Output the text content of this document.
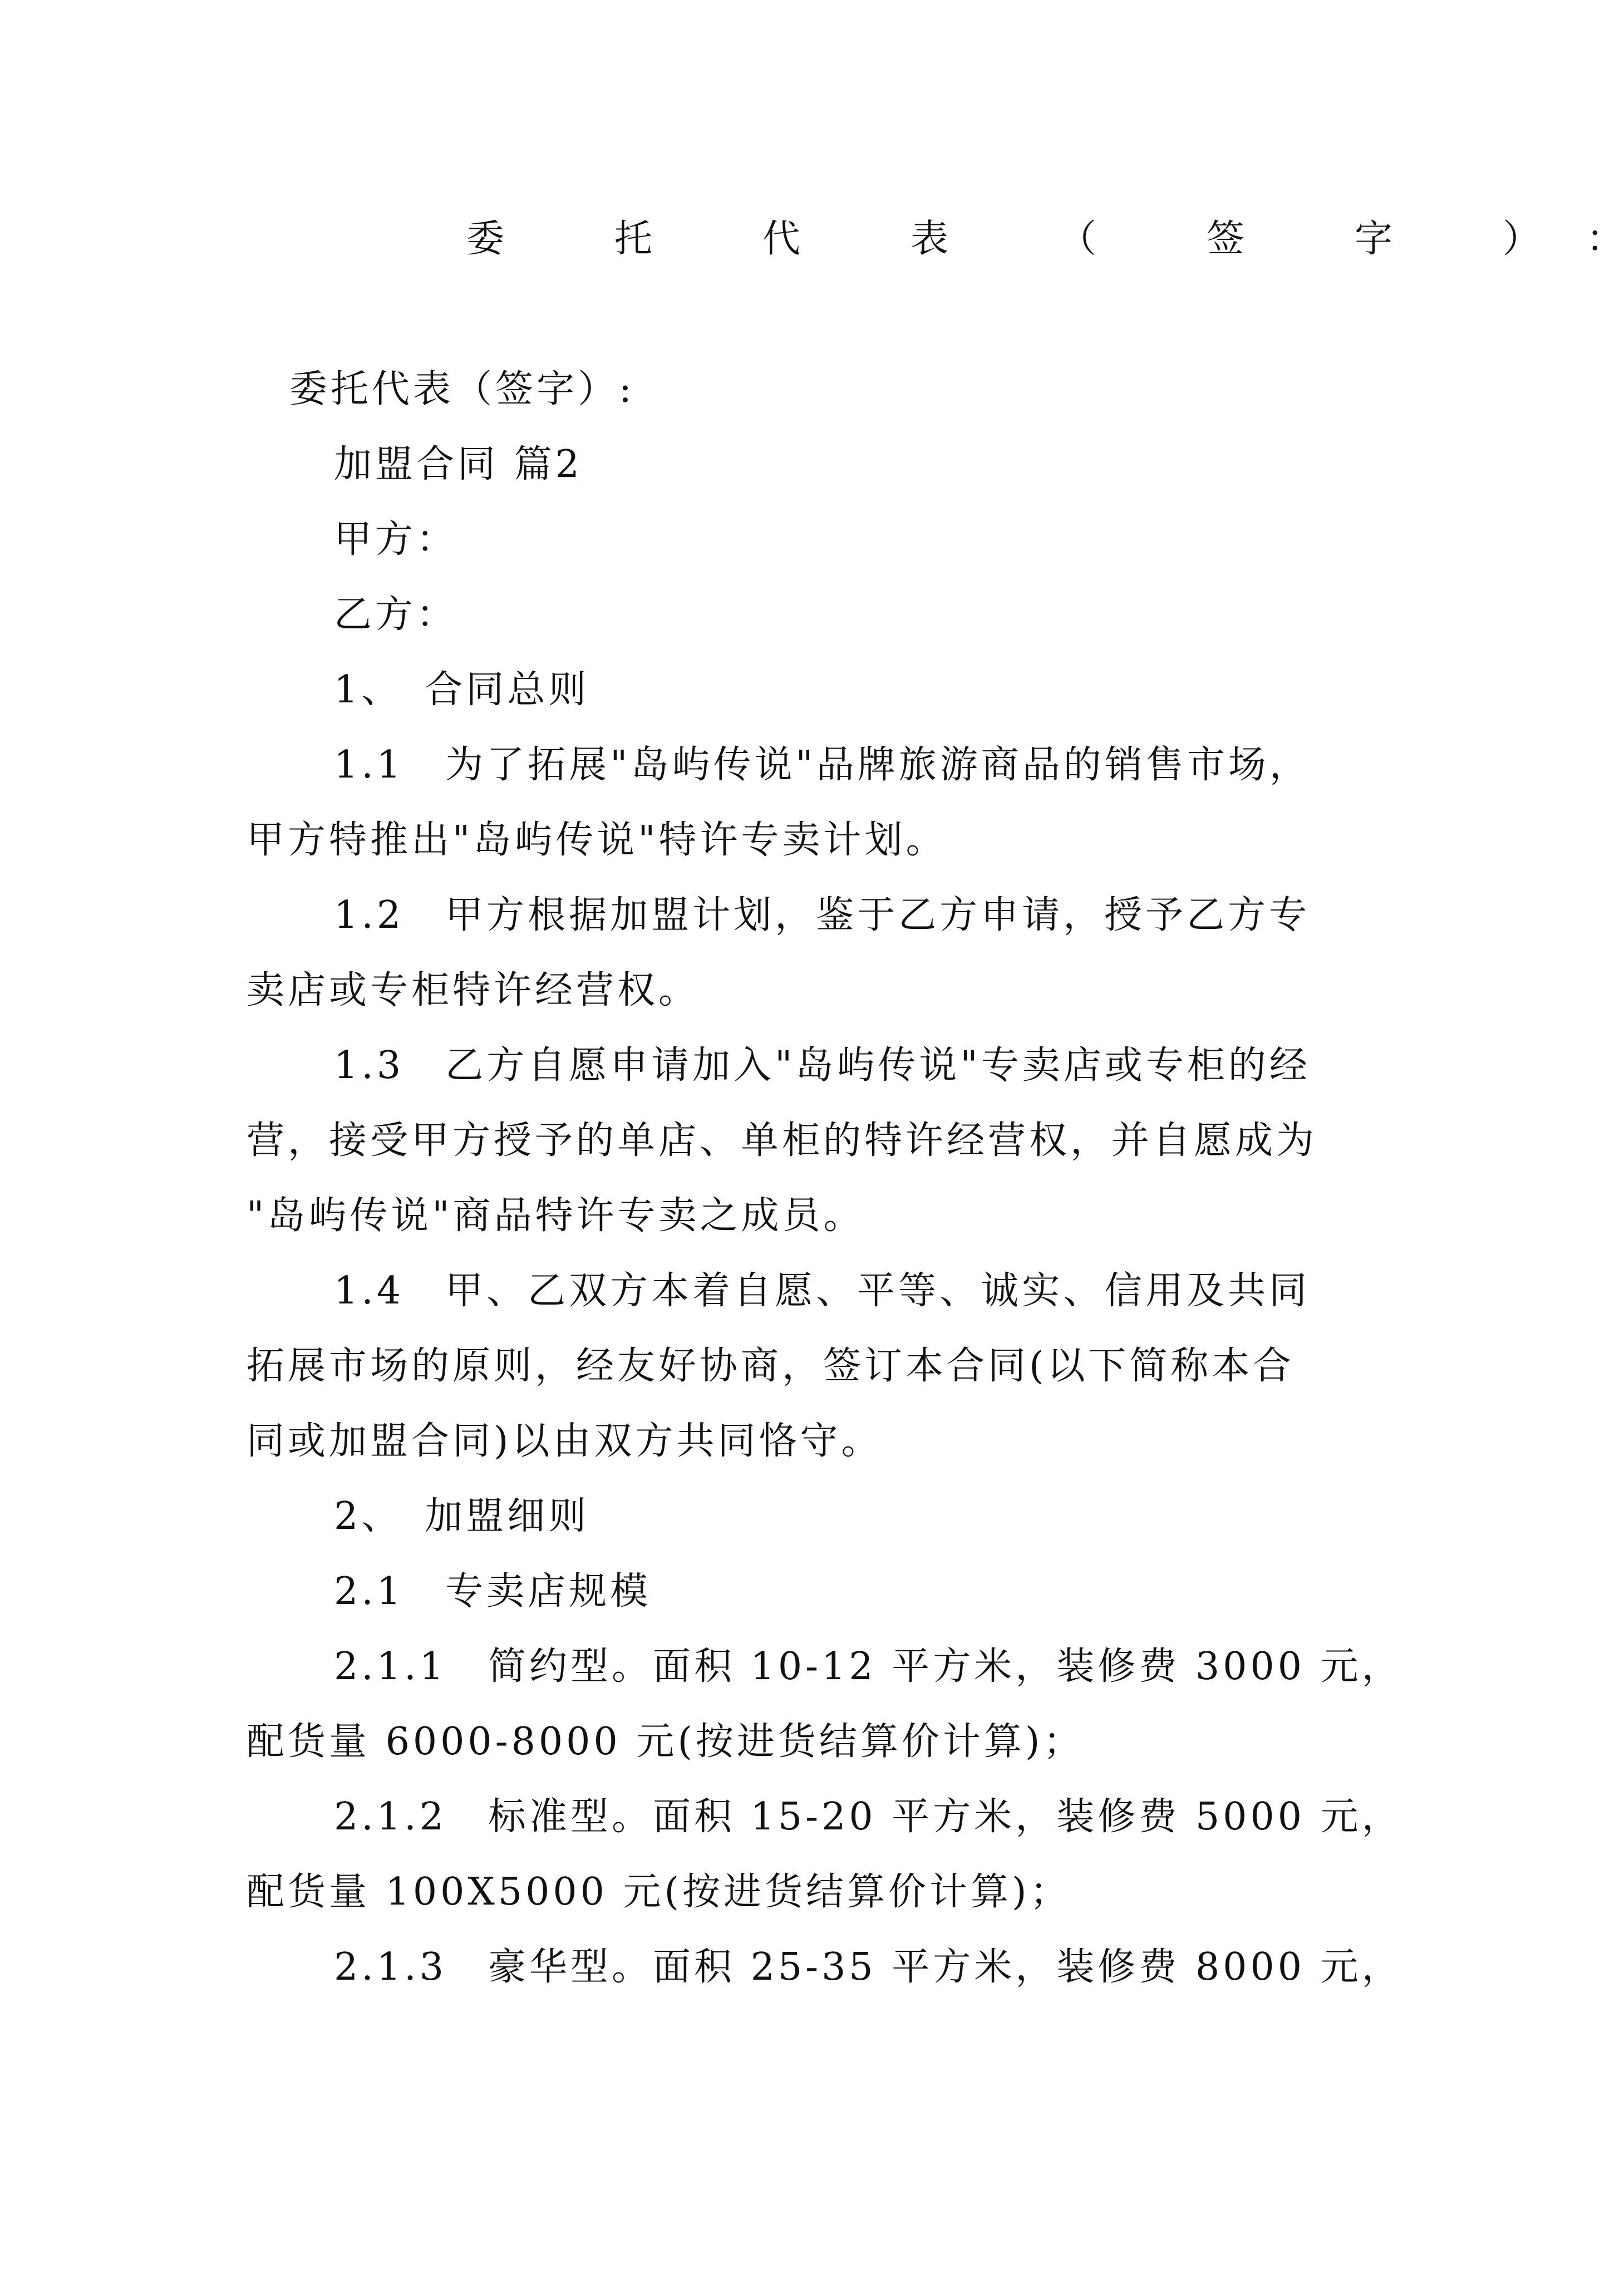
委	托	代	表	（	签	字	） ：
委托代表（签字）:
加盟合同 篇2
甲方：
乙方：
1、　合同总则
1.1　为了拓展"岛屿传说"品牌旅游商品的销售市场，
甲方特推出"岛屿传说"特许专卖计划。
1.2　甲方根据加盟计划，鉴于乙方申请，授予乙方专
卖店或专柜特许经营权。
1.3　乙方自愿申请加入"岛屿传说"专卖店或专柜的经
营，接受甲方授予的单店、单柜的特许经营权，并自愿成为
"岛屿传说"商品特许专卖之成员。
1.4　甲、乙双方本着自愿、平等、诚实、信用及共同
拓展市场的原则，经友好协商，签订本合同(以下简称本合
同或加盟合同)以由双方共同恪守。
2、　加盟细则
2.1　专卖店规模
2.1.1　简约型。面积 10-12 平方米，装修费 3000 元，
配货量 6000-8000 元(按进货结算价计算)；
2.1.2　标准型。面积 15-20 平方米，装修费 5000 元，
配货量 100X5000 元(按进货结算价计算)；
2.1.3　豪华型。面积 25-35 平方米，装修费 8000 元，
